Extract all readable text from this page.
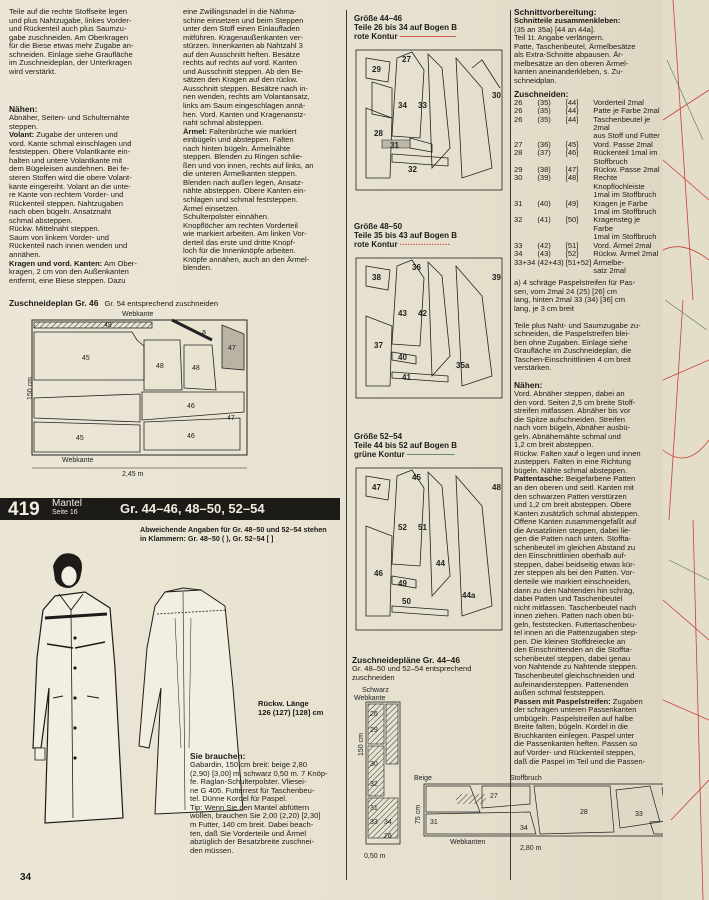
Teile auf die rechte Stoffseite legen

und plus Nahtzugabe, linkes Vorder-

und Rückenteil auch plus Saumzu-

gabe zuschneiden. Am Oberkragen

für die Biese etwas mehr Zugabe an-

schneiden. Einlage siehe Graufläche

im Zuschneideplan, der Unterkragen

wird verstärkt.

Nähen:

Abnäher, Seiten- und Schulternähte

steppen.

Volant: Zugabe der unteren und

vord. Kante schmal einschlagen und

feststeppen. Obere Volantkante ein-

halten und untere Volantkante mit

dem Bügeleisen ausdehnen. Bei fe-

steren Stoffen wird die obere Volant-

kante eingereiht. Volant an die unte-

re Kante von rechtem Vorder- und

Rückenteil steppen. Nahtzugaben

nach oben bügeln. Ansatznaht

schmal absteppen.

Rückw. Mittelnaht steppen.

Saum von linkem Vorder- und

Rückenteil nach innen wenden und

annähen.

Kragen und vord. Kanten: Am Ober-

kragen, 2 cm von den Außenkanten

entfernt, eine Biese steppen. Dazu

eine Zwillingsnadel in die Nähma-

schine einsetzen und beim Steppen

unter dem Stoff einen Einlauffaden

mitführen. Kragenaußenkanten ver-

stürzen. Innenkanten ab Nahtzahl 3

auf den Ausschnitt heften. Besätze

rechts auf rechts auf vord. Kanten

und Ausschnitt steppen. Ab den Be-

sätzen den Kragen auf den rückw.

Ausschnitt steppen. Besätze nach in-

nen wenden, rechts am Volantansatz,

links am Saum eingeschlagen annä-

hen. Vord. Kanten und Kragenanstz-

naht schmal absteppen.

Ärmel: Faltenbrüche wie markiert

einbügeln und absteppen. Falten

nach hinten bügeln. Ärmelnähte

steppen. Blenden zu Ringen schlie-

ßen und von innen, rechts auf links, an

die unteren Ärmelkanten steppen.

Blenden nach außen legen, Ansatz-

nähte absteppen. Obere Kanten ein-

schlagen und schmal feststeppen.

Ärmel einsetzen.

Schulterpolster einnähen.

Knopflöcher am rechten Vorderteil

wie markiert arbeiten. Am linken Vor-

derteil das erste und dritte Knopf-

loch für die Innenknöpfe arbeiten.

Knöpfe annähen, auch an den Ärmel-

blenden.

Zuschneideplan Gr. 46 Gr. 54 entsprechend zuschneiden
Webkante
49
47
45
48	48
46
45	46
47
a
150 cm
Webkante
2,45 m
419 Mantel
Seite 16	Gr. 44–46, 48–50, 52–54

Abweichende Angaben für Gr. 48–50 und 52–54 stehen

in Klammern: Gr. 48–50 ( ), Gr. 52–54 [ ]

Rückw. Länge

126 (127) [128] cm

Sie brauchen:

Gabardin, 150 cm breit: beige 2,80

(2,90) [3,00] m, schwarz 0,50 m. 7 Knöp-

fe. Raglan-Schulterpolster. Vliesei-

ne G 405. Futterrest für Taschenbeu-

tel. Dünne Kordel für Paspel.

Tip: Wenn Sie den Mantel abfüttern

wollen, brauchen Sie 2,00 (2,20) [2,30]

m Futter, 140 cm breit. Dabei beach-

ten, daß Sie Vorderteile und Ärmel

abzüglich der Besatzbreite zuschnei-

den müssen.

34

Größe 44–46

Teile 26 bis 34 auf Bogen B

rote Kontur ———————

29
27
34 33
30
28
31
32

Größe 48–50

Teile 35 bis 43 auf Bogen B

rote Kontur ···················

38
36
43 42
39
37
40
41
35a

Größe 52–54

Teile 44 bis 52 auf Bogen B

grüne Kontur ——————

47
45
52 51
48
46
49
50
44
44a

Zuschneidepläne Gr. 44–46

Gr. 48–50 und 52–54 entsprechend

zuschneiden

Schwarz
Webkante
26
29
30
32
31
33 34
26
150 cm
0,50 m
Beige	Stoffbruch
27
28
31
34
33
75 cm
Webkanten
2,80 m

Schnittvorbereitung:

Schnitteile zusammenkleben:

(35 an 35a) [44 an 44a].

Teil 1t. Angabe verlängern.

Patte, Taschenbeutel, Ärmelbesätze

als Extra-Schnitte abpausen. Är-

melbesätze an den oberen Ärmel-

kanten aneinanderkleben, s. Zu-

schneidplan.

Zuschneiden:

26	(35)	[44]	Vorderteil 2mal
26	(35)	[44]	Patte je Farbe 2mal
26	(35)	[44]	Taschenbeutel je 2mal
			aus Stoff und Futter
27	(36)	[45]	Vord. Passe 2mal
28	(37)	[46]	Rückenteil 1mal im
			Stoffbruch
29	(38)	[47]	Rückw. Passe 2mal
30	(39)	[48]	Rechte Knopflochleiste
			1mal im Stoffbruch
31	(40)	[49]	Kragen je Farbe
			1mal im Stoffbruch
32	(41)	[50]	Kragensteg je Farbe
			1mal im Stoffbruch
33	(42)	[51]	Vord. Ärmel 2mal
34	(43)	[52]	Rückw. Ärmel 2mal
33+34	(42+43)	[51+52]	Ärmelbe-
			satz 2mal

a) 4 schräge Paspelstreifen für Pas-

sen, vorn 2mal 24 (25) [26] cm

lang, hinten 2mal 33 (34) [36] cm

lang, je 3 cm breit

Teile plus Naht- und Saumzugabe zu-

schneiden, die Paspelstreifen blei-

ben ohne Zugaben. Einlage siehe

Graufläche im Zuschneideplan, die

Taschen-Einschnittlinien 4 cm breit

verstärken.

Nähen:

Vord. Abnäher steppen, dabei an

den vord. Seiten 2,5 cm breite Stoff-

streifen mitfassen. Abnäher bis vor

die Spitze aufschneiden. Streifen

nach vorn bügeln, Abnäher ausbü-

geln. Abnähernähte schmal und

1,2 cm breit absteppen.

Rückw. Falten xauf o legen und innen

zusteppen. Falten in eine Richtung

bügeln. Nähte schmal absteppen.

Pattentasche: Beigefarbene Patten

an den oberen und seitl. Kanten mit

den schwarzen Patten verstürzen

und 1,2 cm breit absteppen. Obere

Kanten zusätzlich schmal absteppen.

Offene Kanten zusammengefaßt auf

die Ansatzlinien steppen, dabei lie-

gen die Patten nach unten. Stoffta-

schenbeutel im gleichen Abstand zu

den Einschnittlinien oberhalb auf-

steppen, dabei beidseitig etwas kür-

zer steppen als bei den Patten. Vor-

derteile wie markiert einschneiden,

dann zu den Nahtenden hin schräg,

dabei Patten und Taschenbeutel

nicht mitfassen. Taschenbeutel nach

innen ziehen. Patten nach oben bü-

geln, feststecken. Futtertaschenbeu-

tel innen an die Pattenzugaben step-

pen. Die kleinen Stoffdreiecke an

den Einschnittenden an die Stoffta-

schenbeutel steppen, dabei genau

von Nahtende zu Nahtende steppen.

Taschenbeutel gleichschneiden und

aufeinandersteppen. Pattenenden

außen schmal feststeppen.

Passen mit Paspelstreifen: Zugaben

der schrägen unteren Passenkanten

umbügeln. Paspelstreifen auf halbe

Breite falten, bügeln. Kordel in die

Bruchkanten einlegen. Paspel unter

die Passenkanten heften. Passen so

auf Vorder- und Rückenteil steppen,

daß die Paspel im Teil und die Passen-
